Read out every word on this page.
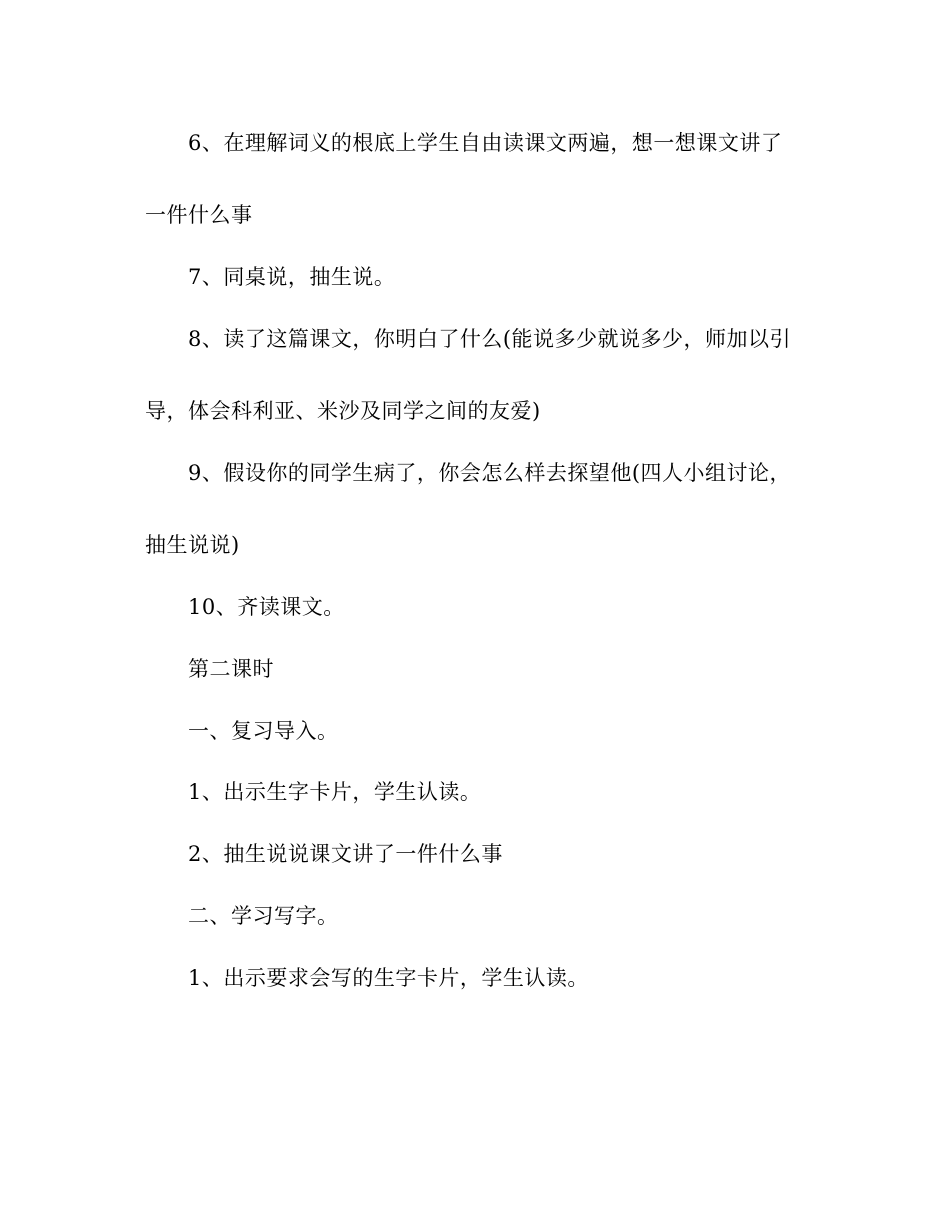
6、在理解词义的根底上学生自由读课文两遍，想一想课文讲了
一件什么事
7、同桌说，抽生说。
8、读了这篇课文，你明白了什么(能说多少就说多少，师加以引
导，体会科利亚、米沙及同学之间的友爱)
9、假设你的同学生病了，你会怎么样去探望他(四人小组讨论，
抽生说说)
10、齐读课文。
第二课时
一、复习导入。
1、出示生字卡片，学生认读。
2、抽生说说课文讲了一件什么事
二、学习写字。
1、出示要求会写的生字卡片，学生认读。
